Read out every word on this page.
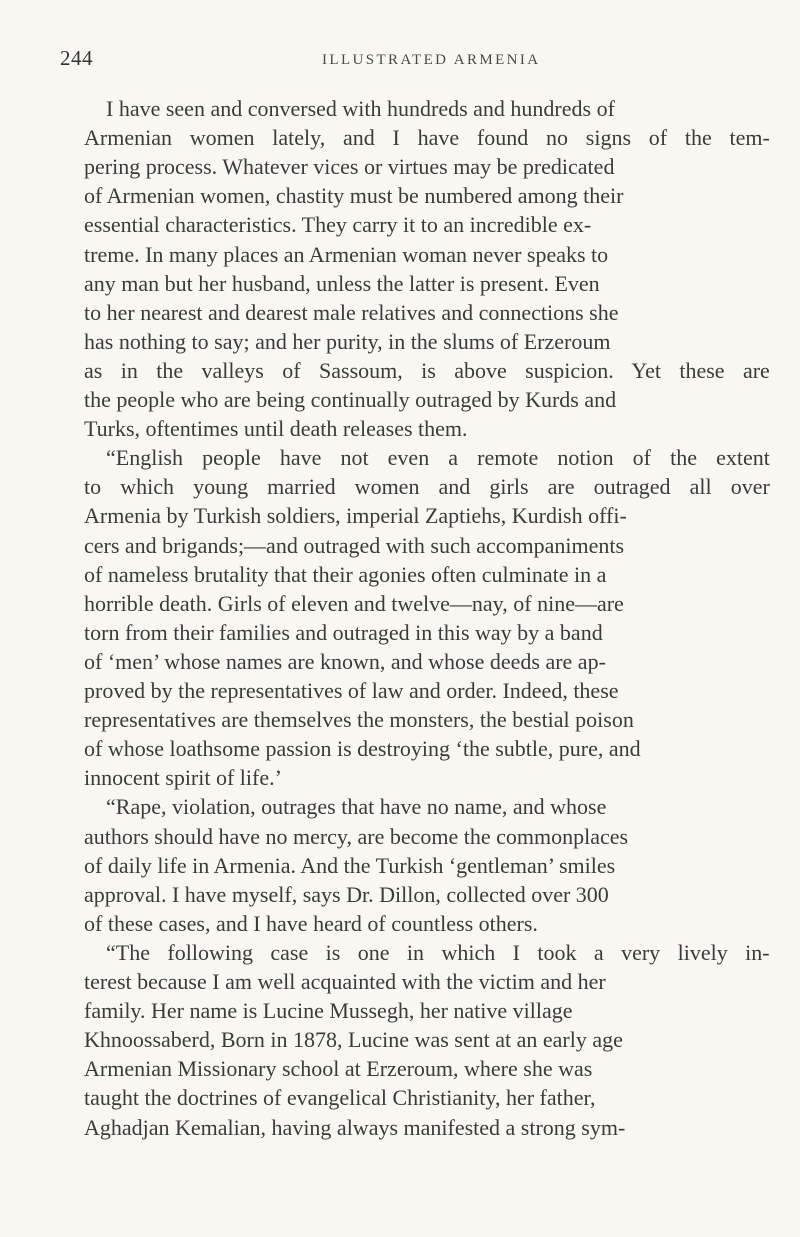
244	ILLUSTRATED ARMENIA
I have seen and conversed with hundreds and hundreds of
Armenian women lately, and I have found no signs of the tem-
pering process. Whatever vices or virtues may be predicated
of Armenian women, chastity must be numbered among their
essential characteristics. They carry it to an incredible ex-
treme. In many places an Armenian woman never speaks to
any man but her husband, unless the latter is present. Even
to her nearest and dearest male relatives and connections she
has nothing to say; and her purity, in the slums of Erzeroum
as in the valleys of Sassoum, is above suspicion. Yet these are
the people who are being continually outraged by Kurds and
Turks, oftentimes until death releases them.
“English people have not even a remote notion of the extent
to which young married women and girls are outraged all over
Armenia by Turkish soldiers, imperial Zaptiehs, Kurdish offi-
cers and brigands;—and outraged with such accompaniments
of nameless brutality that their agonies often culminate in a
horrible death. Girls of eleven and twelve—nay, of nine—are
torn from their families and outraged in this way by a band
of ‘men’ whose names are known, and whose deeds are ap-
proved by the representatives of law and order. Indeed, these
representatives are themselves the monsters, the bestial poison
of whose loathsome passion is destroying ‘the subtle, pure, and
innocent spirit of life.’
“Rape, violation, outrages that have no name, and whose
authors should have no mercy, are become the commonplaces
of daily life in Armenia. And the Turkish ‘gentleman’ smiles
approval. I have myself, says Dr. Dillon, collected over 300
of these cases, and I have heard of countless others.
“The following case is one in which I took a very lively in-
terest because I am well acquainted with the victim and her
family. Her name is Lucine Mussegh, her native village
Khnoossaberd, Born in 1878, Lucine was sent at an early age
Armenian Missionary school at Erzeroum, where she was
taught the doctrines of evangelical Christianity, her father,
Aghadjan Kemalian, having always manifested a strong sym-
